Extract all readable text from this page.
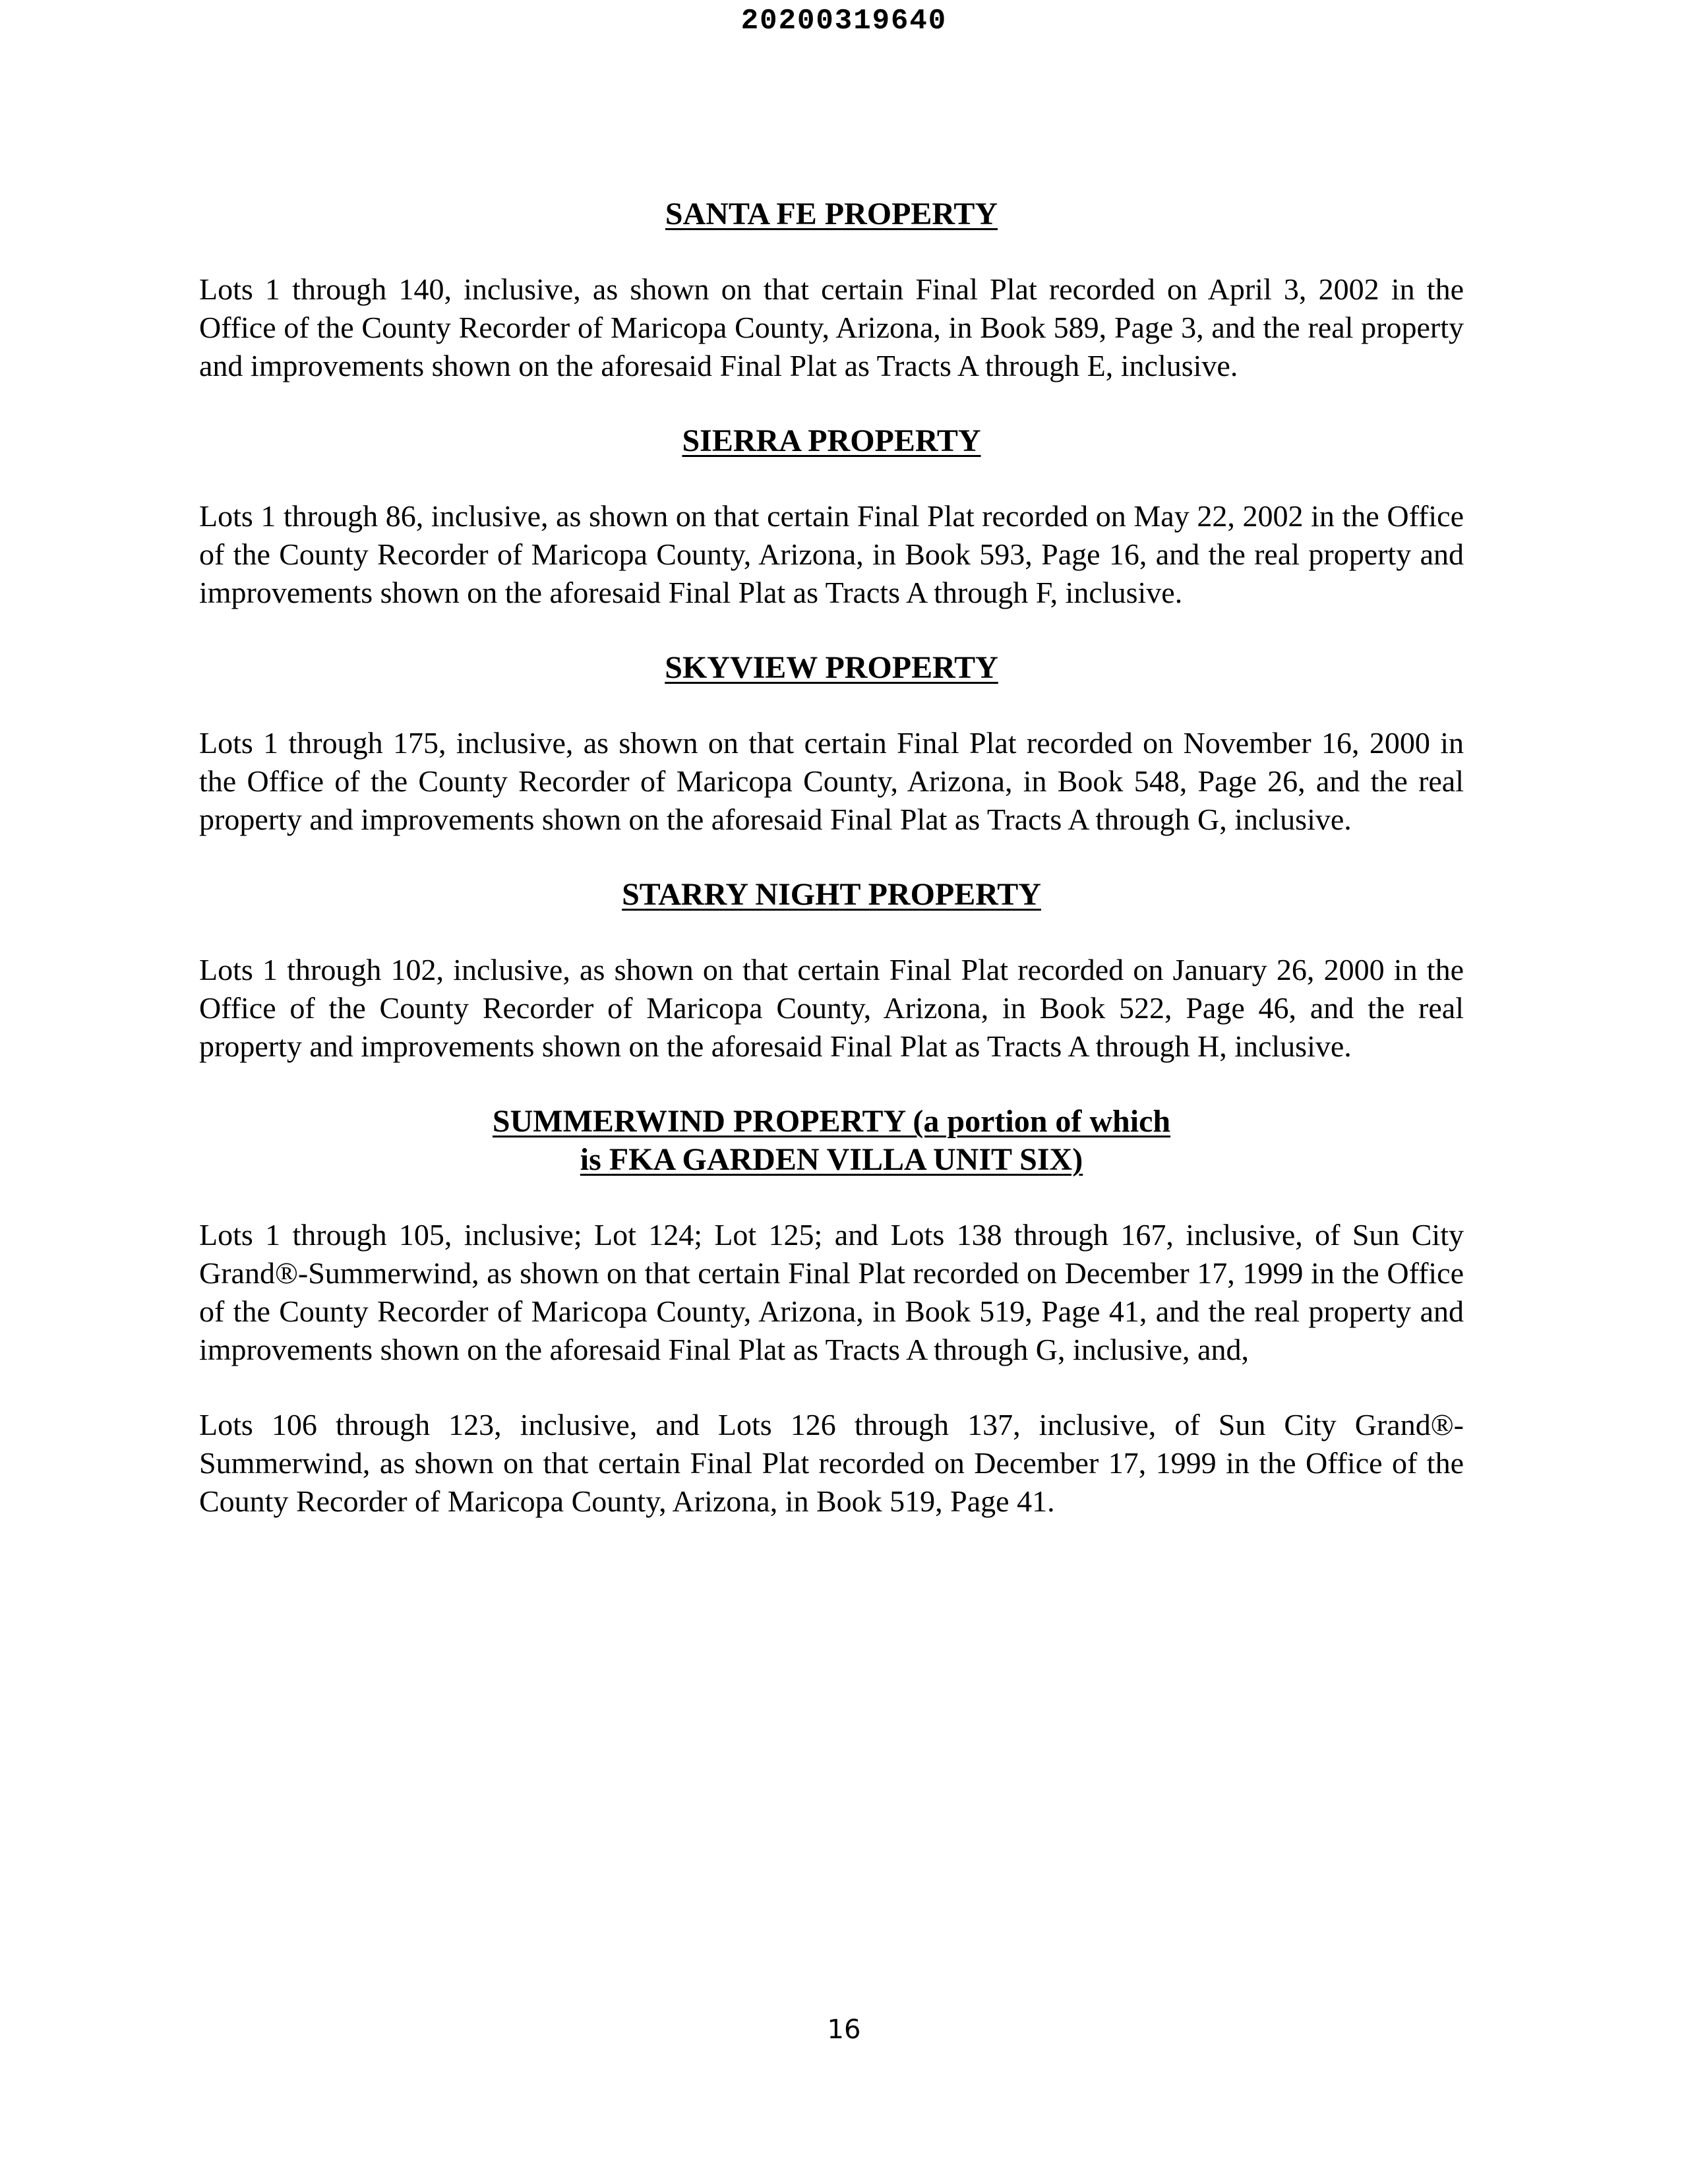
20200319640
SANTA FE PROPERTY

Lots 1 through 140, inclusive, as shown on that certain Final Plat recorded on April 3, 2002 in the Office of the County Recorder of Maricopa County, Arizona, in Book 589, Page 3, and the real property and improvements shown on the aforesaid Final Plat as Tracts A through E, inclusive.

SIERRA PROPERTY

Lots 1 through 86, inclusive, as shown on that certain Final Plat recorded on May 22, 2002 in the Office of the County Recorder of Maricopa County, Arizona, in Book 593, Page 16, and the real property and improvements shown on the aforesaid Final Plat as Tracts A through F, inclusive.

SKYVIEW PROPERTY

Lots 1 through 175, inclusive, as shown on that certain Final Plat recorded on November 16, 2000 in the Office of the County Recorder of Maricopa County, Arizona, in Book 548, Page 26, and the real property and improvements shown on the aforesaid Final Plat as Tracts A through G, inclusive.

STARRY NIGHT PROPERTY

Lots 1 through 102, inclusive, as shown on that certain Final Plat recorded on January 26, 2000 in the Office of the County Recorder of Maricopa County, Arizona, in Book 522, Page 46, and the real property and improvements shown on the aforesaid Final Plat as Tracts A through H, inclusive.

SUMMERWIND PROPERTY (a portion of which
is FKA GARDEN VILLA UNIT SIX)

Lots 1 through 105, inclusive; Lot 124; Lot 125; and Lots 138 through 167, inclusive, of Sun City Grand®-Summerwind, as shown on that certain Final Plat recorded on December 17, 1999 in the Office of the County Recorder of Maricopa County, Arizona, in Book 519, Page 41, and the real property and improvements shown on the aforesaid Final Plat as Tracts A through G, inclusive, and,

Lots 106 through 123, inclusive, and Lots 126 through 137, inclusive, of Sun City Grand®-Summerwind, as shown on that certain Final Plat recorded on December 17, 1999 in the Office of the County Recorder of Maricopa County, Arizona, in Book 519, Page 41.

16
